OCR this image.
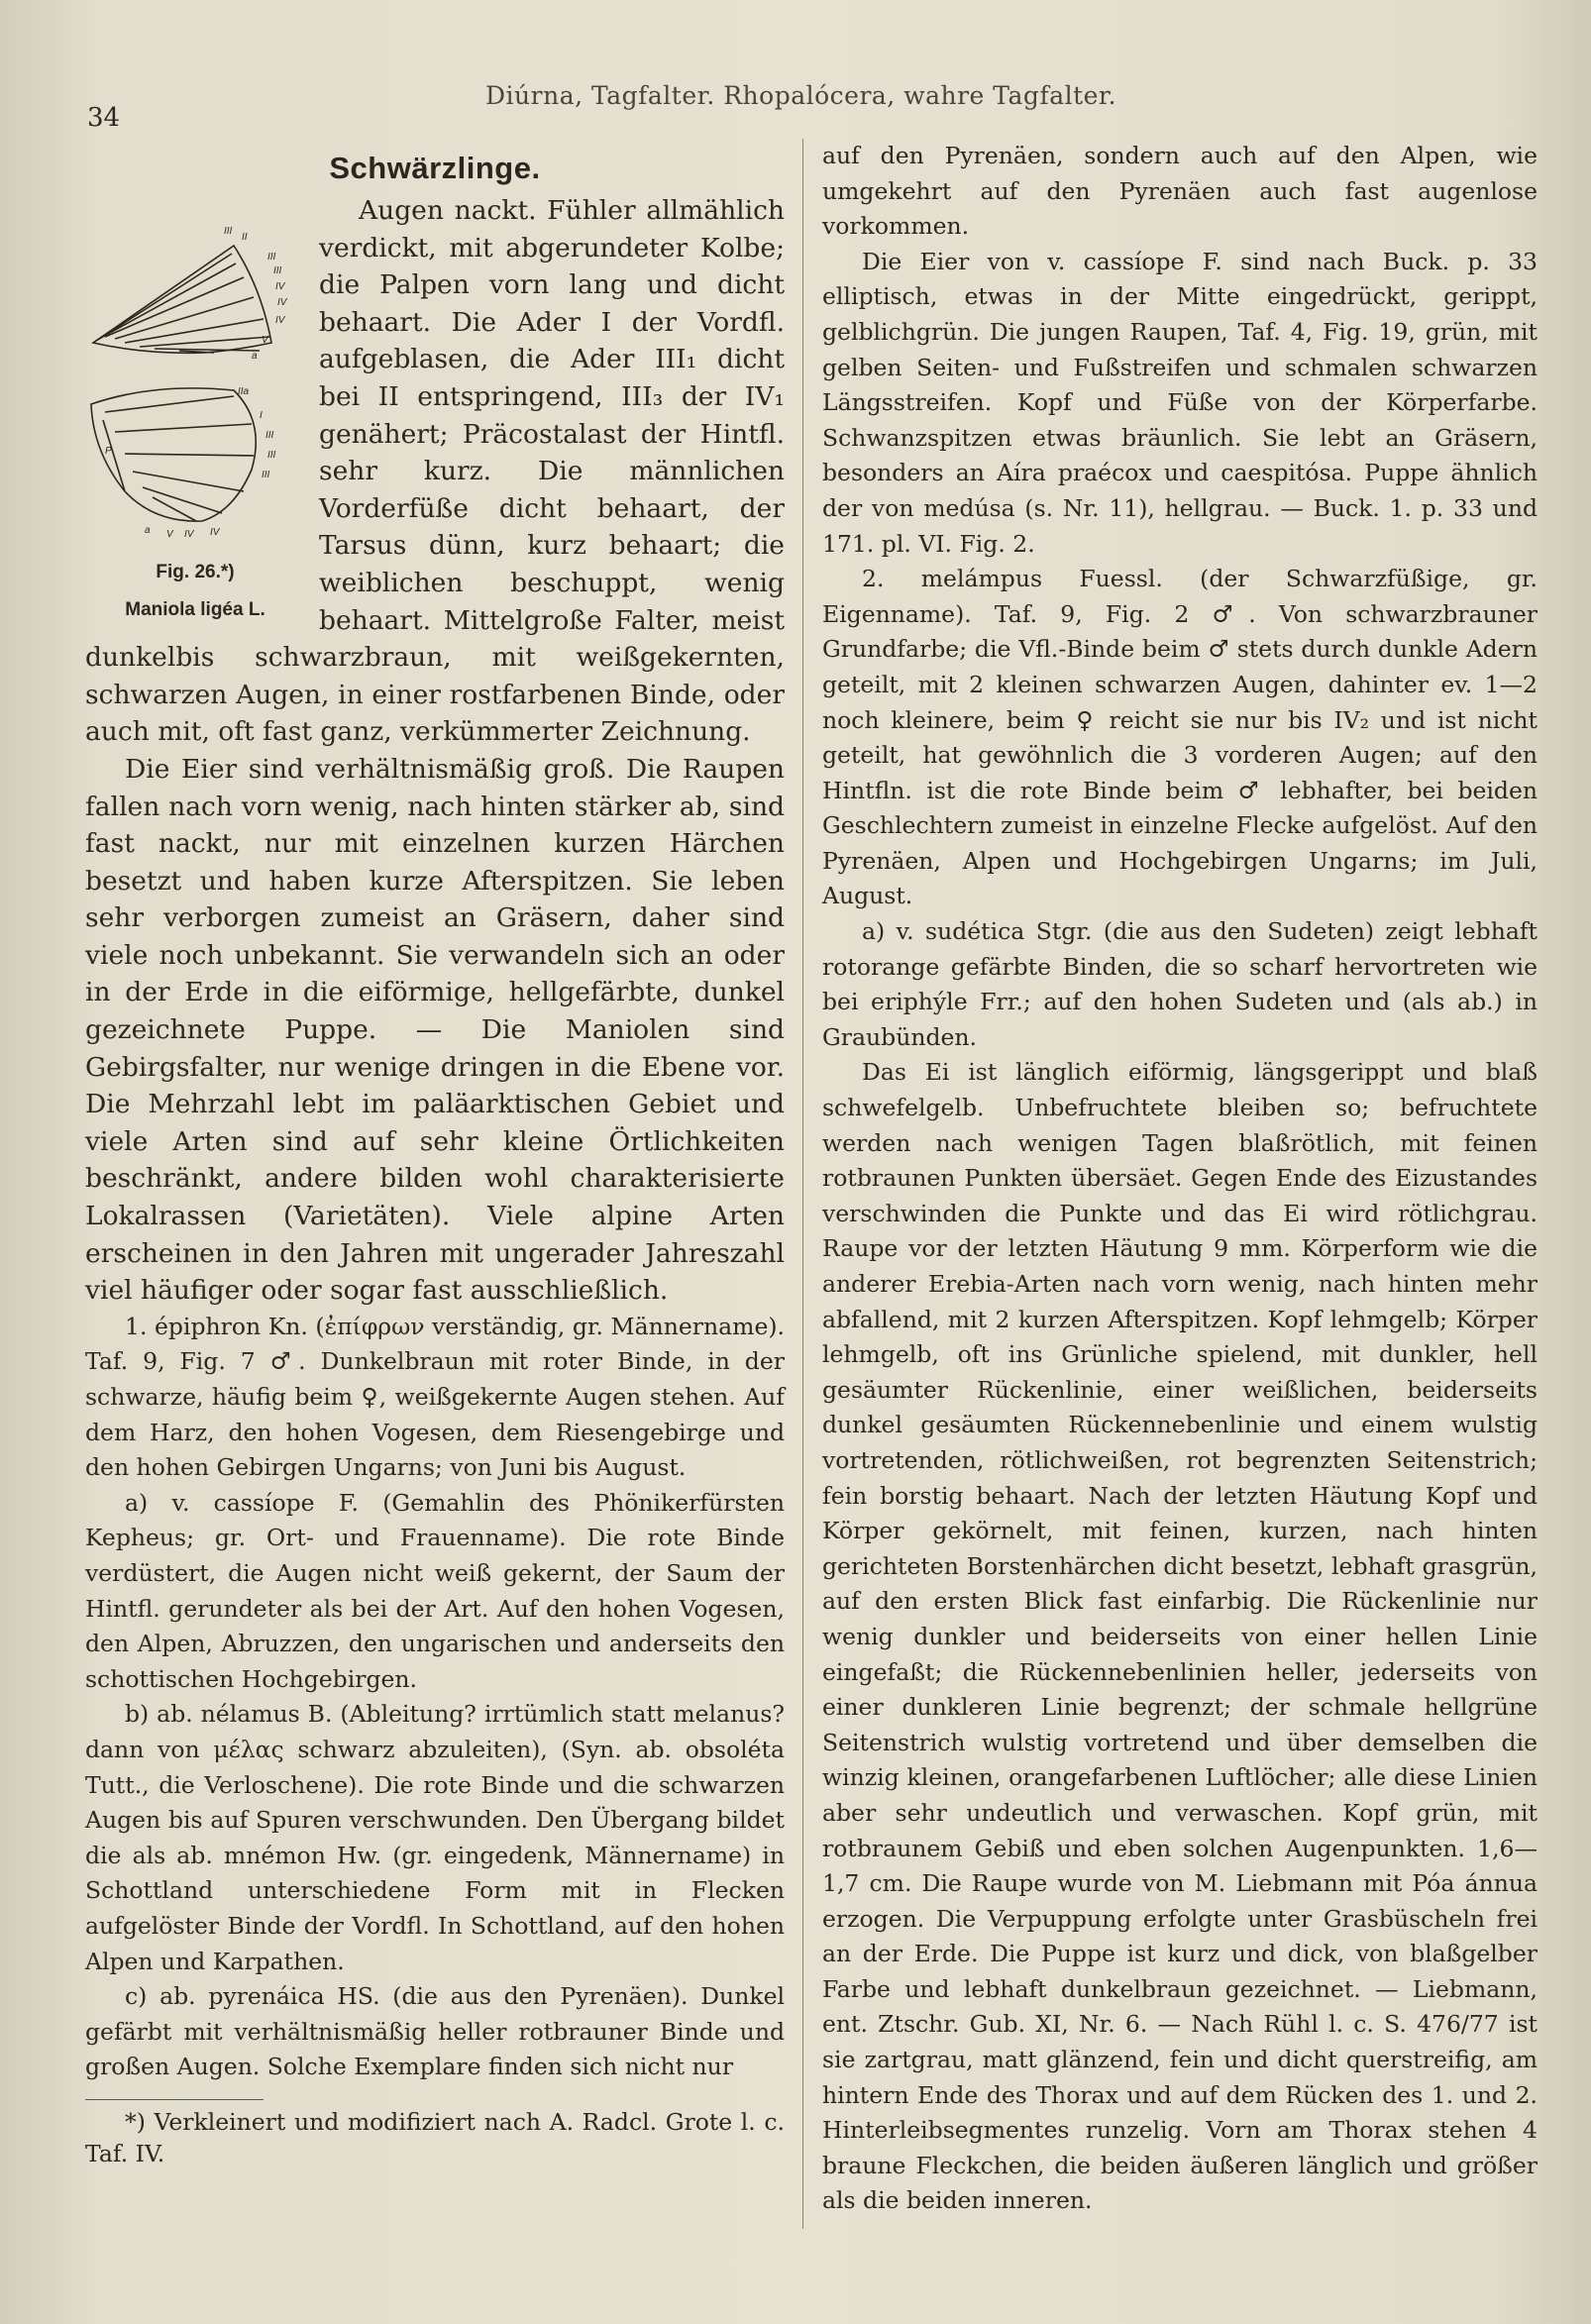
34
Diúrna, Tagfalter. Rhopalócera, wahre Tagfalter.
Schwärzlinge.

III
II
III
III
IV
IV
IV
V
a
IIa
I
III
III
III
P
a V IV IV
Fig. 26.*)
Maniola ligéa L.
Augen nackt. Fühler allmählich verdickt, mit abgerundeter Kolbe; die Palpen vorn lang und dicht behaart. Die Ader I der Vordfl. aufgeblasen, die Ader III₁ dicht bei II entspringend, III₃ der IV₁ genähert; Präcostalast der Hintfl. sehr kurz. Die männlichen Vorderfüße dicht behaart, der Tarsus dünn, kurz behaart; die weiblichen beschuppt, wenig behaart. Mittelgroße Falter, meist dunkelbis schwarzbraun, mit weißgekernten, schwarzen Augen, in einer rostfarbenen Binde, oder auch mit, oft fast ganz, verkümmerter Zeichnung.

Die Eier sind verhältnismäßig groß. Die Raupen fallen nach vorn wenig, nach hinten stärker ab, sind fast nackt, nur mit einzelnen kurzen Härchen besetzt und haben kurze Afterspitzen. Sie leben sehr verborgen zumeist an Gräsern, daher sind viele noch unbekannt. Sie verwandeln sich an oder in der Erde in die eiförmige, hellgefärbte, dunkel gezeichnete Puppe. — Die Maniolen sind Gebirgsfalter, nur wenige dringen in die Ebene vor. Die Mehrzahl lebt im paläarktischen Gebiet und viele Arten sind auf sehr kleine Örtlichkeiten beschränkt, andere bilden wohl charakterisierte Lokalrassen (Varietäten). Viele alpine Arten erscheinen in den Jahren mit ungerader Jahreszahl viel häufiger oder sogar fast ausschließlich.

1. épiphron Kn. (ἐπίφρων verständig, gr. Männername). Taf. 9, Fig. 7 ♂. Dunkelbraun mit roter Binde, in der schwarze, häufig beim ♀, weißgekernte Augen stehen. Auf dem Harz, den hohen Vogesen, dem Riesengebirge und den hohen Gebirgen Ungarns; von Juni bis August.

a) v. cassíope F. (Gemahlin des Phönikerfürsten Kepheus; gr. Ort- und Frauenname). Die rote Binde verdüstert, die Augen nicht weiß gekernt, der Saum der Hintfl. gerundeter als bei der Art. Auf den hohen Vogesen, den Alpen, Abruzzen, den ungarischen und anderseits den schottischen Hochgebirgen.

b) ab. nélamus B. (Ableitung? irrtümlich statt melanus? dann von μέλας schwarz abzuleiten), (Syn. ab. obsoléta Tutt., die Verloschene). Die rote Binde und die schwarzen Augen bis auf Spuren verschwunden. Den Übergang bildet die als ab. mnémon Hw. (gr. eingedenk, Männername) in Schottland unterschiedene Form mit in Flecken aufgelöster Binde der Vordfl. In Schottland, auf den hohen Alpen und Karpathen.

c) ab. pyrenáica HS. (die aus den Pyrenäen). Dunkel gefärbt mit verhältnismäßig heller rotbrauner Binde und großen Augen. Solche Exemplare finden sich nicht nur

*) Verkleinert und modifiziert nach A. Radcl. Grote l. c. Taf. IV.

auf den Pyrenäen, sondern auch auf den Alpen, wie umgekehrt auf den Pyrenäen auch fast augenlose vorkommen.

Die Eier von v. cassíope F. sind nach Buck. p. 33 elliptisch, etwas in der Mitte eingedrückt, gerippt, gelblichgrün. Die jungen Raupen, Taf. 4, Fig. 19, grün, mit gelben Seiten- und Fußstreifen und schmalen schwarzen Längsstreifen. Kopf und Füße von der Körperfarbe. Schwanzspitzen etwas bräunlich. Sie lebt an Gräsern, besonders an Aíra praécox und caespitósa. Puppe ähnlich der von medúsa (s. Nr. 11), hellgrau. — Buck. 1. p. 33 und 171. pl. VI. Fig. 2.

2. melámpus Fuessl. (der Schwarzfüßige, gr. Eigenname). Taf. 9, Fig. 2 ♂. Von schwarzbrauner Grundfarbe; die Vfl.-Binde beim ♂ stets durch dunkle Adern geteilt, mit 2 kleinen schwarzen Augen, dahinter ev. 1—2 noch kleinere, beim ♀ reicht sie nur bis IV₂ und ist nicht geteilt, hat gewöhnlich die 3 vorderen Augen; auf den Hintfln. ist die rote Binde beim ♂ lebhafter, bei beiden Geschlechtern zumeist in einzelne Flecke aufgelöst. Auf den Pyrenäen, Alpen und Hochgebirgen Ungarns; im Juli, August.

a) v. sudética Stgr. (die aus den Sudeten) zeigt lebhaft rotorange gefärbte Binden, die so scharf hervortreten wie bei eriphýle Frr.; auf den hohen Sudeten und (als ab.) in Graubünden.

Das Ei ist länglich eiförmig, längsgerippt und blaß schwefelgelb. Unbefruchtete bleiben so; befruchtete werden nach wenigen Tagen blaßrötlich, mit feinen rotbraunen Punkten übersäet. Gegen Ende des Eizustandes verschwinden die Punkte und das Ei wird rötlichgrau. Raupe vor der letzten Häutung 9 mm. Körperform wie die anderer Erebia-Arten nach vorn wenig, nach hinten mehr abfallend, mit 2 kurzen Afterspitzen. Kopf lehmgelb; Körper lehmgelb, oft ins Grünliche spielend, mit dunkler, hell gesäumter Rückenlinie, einer weißlichen, beiderseits dunkel gesäumten Rückennebenlinie und einem wulstig vortretenden, rötlichweißen, rot begrenzten Seitenstrich; fein borstig behaart. Nach der letzten Häutung Kopf und Körper gekörnelt, mit feinen, kurzen, nach hinten gerichteten Borstenhärchen dicht besetzt, lebhaft grasgrün, auf den ersten Blick fast einfarbig. Die Rückenlinie nur wenig dunkler und beiderseits von einer hellen Linie eingefaßt; die Rückennebenlinien heller, jederseits von einer dunkleren Linie begrenzt; der schmale hellgrüne Seitenstrich wulstig vortretend und über demselben die winzig kleinen, orangefarbenen Luftlöcher; alle diese Linien aber sehr undeutlich und verwaschen. Kopf grün, mit rotbraunem Gebiß und eben solchen Augenpunkten. 1,6—1,7 cm. Die Raupe wurde von M. Liebmann mit Póa ánnua erzogen. Die Verpuppung erfolgte unter Grasbüscheln frei an der Erde. Die Puppe ist kurz und dick, von blaßgelber Farbe und lebhaft dunkelbraun gezeichnet. — Liebmann, ent. Ztschr. Gub. XI, Nr. 6. — Nach Rühl l. c. S. 476/77 ist sie zartgrau, matt glänzend, fein und dicht querstreifig, am hintern Ende des Thorax und auf dem Rücken des 1. und 2. Hinterleibsegmentes runzelig. Vorn am Thorax stehen 4 braune Fleckchen, die beiden äußeren länglich und größer als die beiden inneren.
